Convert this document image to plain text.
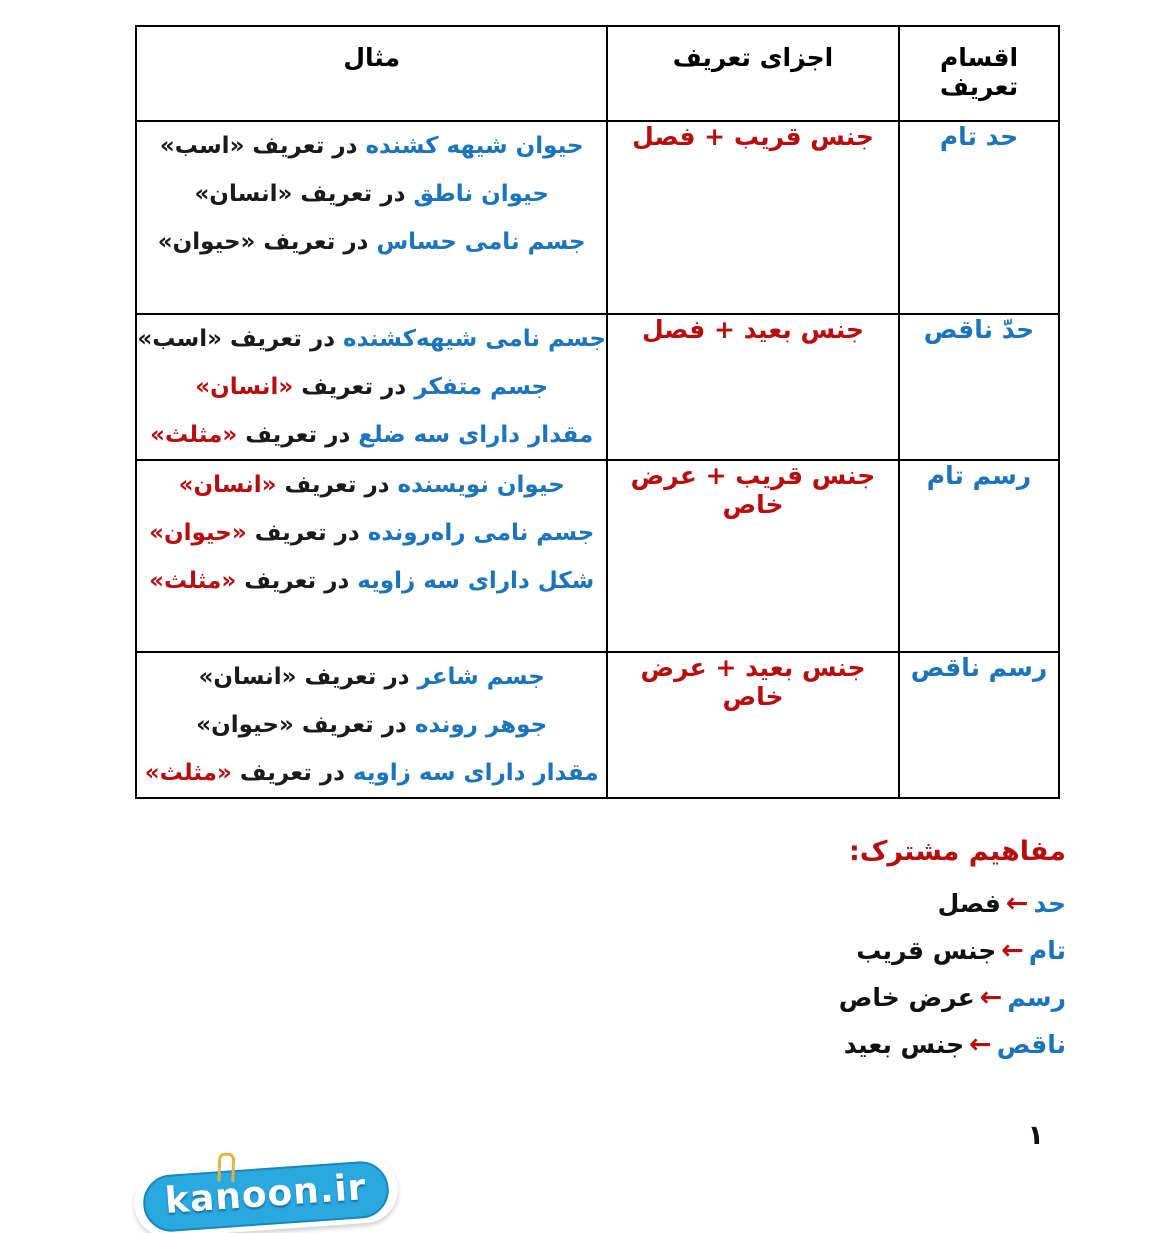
اقسام تعریف	اجزای تعریف	مثال
حد تام	جنس قریب + فصل	حیوان شیهه کشنده در تعریف «اسب»
حیوان ناطق در تعریف «انسان»
جسم نامی حساس در تعریف «حیوان»

حدّ ناقص	جنس بعید + فصل	جسم نامی شیهه‌کشنده در تعریف «اسب»
جسم متفکر در تعریف «انسان»
مقدار دارای سه ضلع در تعریف «مثلث»

رسم تام	جنس قریب + عرض خاص	حیوان نویسنده در تعریف «انسان»
جسم نامی راه‌رونده در تعریف «حیوان»
شکل دارای سه زاویه در تعریف «مثلث»

رسم ناقص	جنس بعید + عرض خاص	جسم شاعر در تعریف «انسان»
جوهر رونده در تعریف «حیوان»
مقدار دارای سه زاویه در تعریف «مثلث»
مفاهیم مشترک:
حد←فصل
تام←جنس قریب
رسم←عرض خاص
ناقص←جنس بعید
۱
kanoon.ir
